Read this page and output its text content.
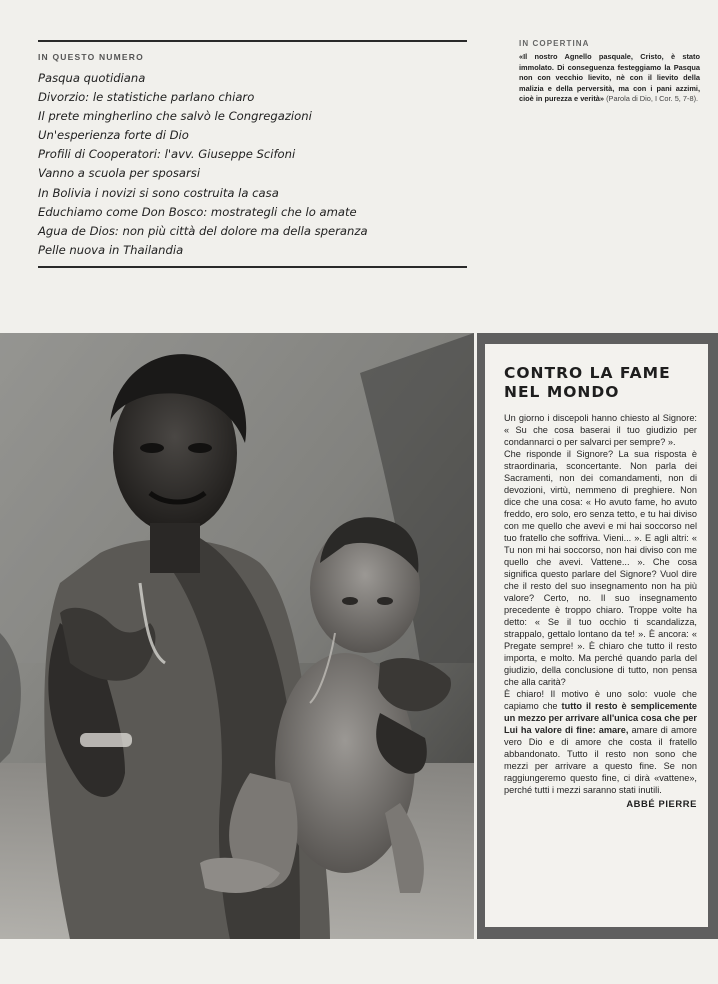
IN QUESTO NUMERO
Pasqua quotidiana
Divorzio: le statistiche parlano chiaro
Il prete mingherlino che salvò le Congregazioni
Un'esperienza forte di Dio
Profili di Cooperatori: l'avv. Giuseppe Scifoni
Vanno a scuola per sposarsi
In Bolivia i novizi si sono costruita la casa
Educhiamo come Don Bosco: mostrategli che lo amate
Agua de Dios: non più città del dolore ma della speranza
Pelle nuova in Thailandia
IN COPERTINA

«Il nostro Agnello pasquale, Cristo, è stato immolato. Di conseguenza festeggiamo la Pasqua non con vecchio lievito, nè con il lievito della malizia e della perversità, ma con i pani azzimi, cioè in purezza e verità» (Parola di Dio, I Cor. 5, 7-8).

CONTRO LA FAME NEL MONDO

Un giorno i discepoli hanno chiesto al Signore: « Su che cosa baserai il tuo giudizio per condannarci o per salvarci per sempre? ».

Che risponde il Signore? La sua risposta è straordinaria, sconcertante. Non parla dei Sacramenti, non dei comandamenti, non di devozioni, virtù, nemmeno di preghiere. Non dice che una cosa: « Ho avuto fame, ho avuto freddo, ero solo, ero senza tetto, e tu hai diviso con me quello che avevi e mi hai soccorso nel tuo fratello che soffriva. Vieni... ». E agli altri: « Tu non mi hai soccorso, non hai diviso con me quello che avevi. Vattene... ». Che cosa significa questo parlare del Signore? Vuol dire che il resto del suo insegnamento non ha più valore? Certo, no. Il suo insegnamento precedente è troppo chiaro. Troppe volte ha detto: « Se il tuo occhio ti scandalizza, strappalo, gettalo lontano da te! ». È ancora: « Pregate sempre! ». È chiaro che tutto il resto importa, e molto. Ma perché quando parla del giudizio, della conclusione di tutto, non pensa che alla carità?

È chiaro! Il motivo è uno solo: vuole che capiamo che tutto il resto è semplicemente un mezzo per arrivare all'unica cosa che per Lui ha valore di fine: amare, amare di amore vero Dio e di amore che costa il fratello abbandonato. Tutto il resto non sono che mezzi per arrivare a questo fine. Se non raggiungeremo questo fine, ci dirà «vattene», perché tutti i mezzi saranno stati inutili.

ABBÉ PIERRE
